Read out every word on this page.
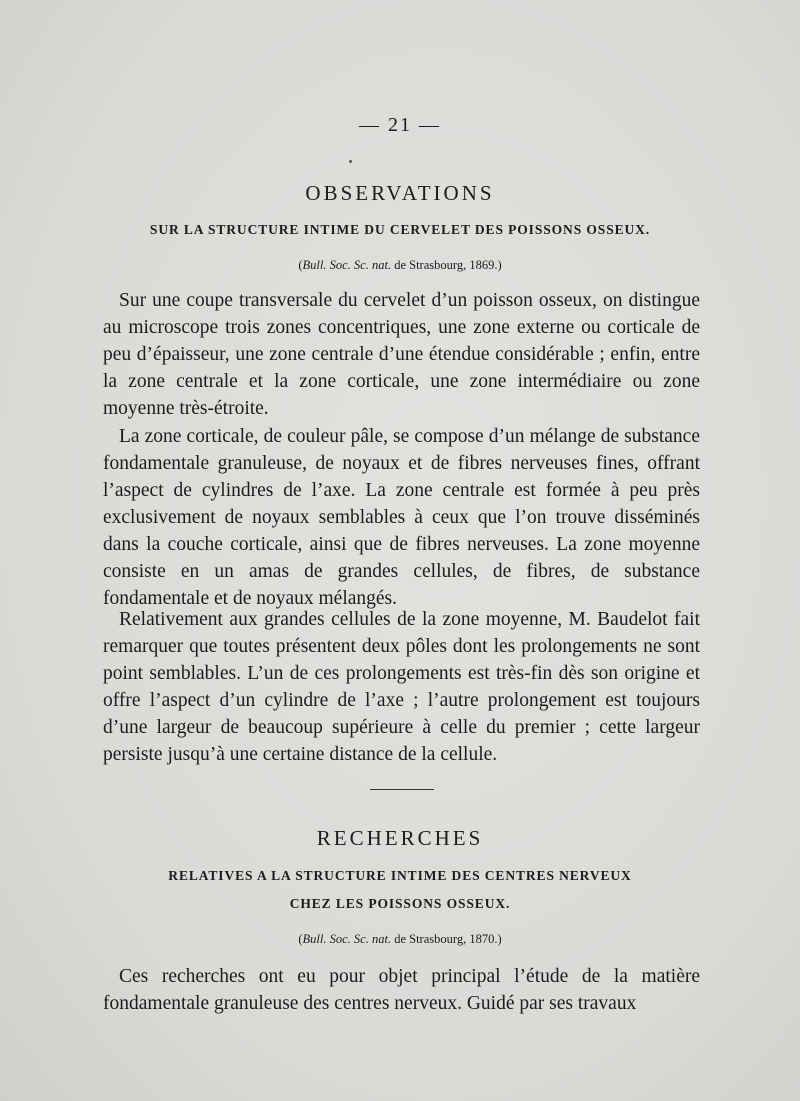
— 21 —
OBSERVATIONS
SUR LA STRUCTURE INTIME DU CERVELET DES POISSONS OSSEUX.
(Bull. Soc. Sc. nat. de Strasbourg, 1869.)

Sur une coupe transversale du cervelet d’un poisson osseux, on distingue au microscope trois zones concentriques, une zone externe ou corticale de peu d’épaisseur, une zone centrale d’une étendue considérable ; enfin, entre la zone centrale et la zone corticale, une zone intermédiaire ou zone moyenne très-étroite.

La zone corticale, de couleur pâle, se compose d’un mélange de substance fondamentale granuleuse, de noyaux et de fibres nerveuses fines, offrant l’aspect de cylindres de l’axe. La zone centrale est formée à peu près exclusivement de noyaux semblables à ceux que l’on trouve disséminés dans la couche corticale, ainsi que de fibres nerveuses. La zone moyenne consiste en un amas de grandes cellules, de fibres, de substance fondamentale et de noyaux mélangés.

Relativement aux grandes cellules de la zone moyenne, M. Baudelot fait remarquer que toutes présentent deux pôles dont les prolongements ne sont point semblables. L’un de ces prolongements est très-fin dès son origine et offre l’aspect d’un cylindre de l’axe ; l’autre prolongement est toujours d’une largeur de beaucoup supérieure à celle du premier ; cette largeur persiste jusqu’à une certaine distance de la cellule.

RECHERCHES
RELATIVES A LA STRUCTURE INTIME DES CENTRES NERVEUX
CHEZ LES POISSONS OSSEUX.
(Bull. Soc. Sc. nat. de Strasbourg, 1870.)

Ces recherches ont eu pour objet principal l’étude de la matière fondamentale granuleuse des centres nerveux. Guidé par ses travaux
